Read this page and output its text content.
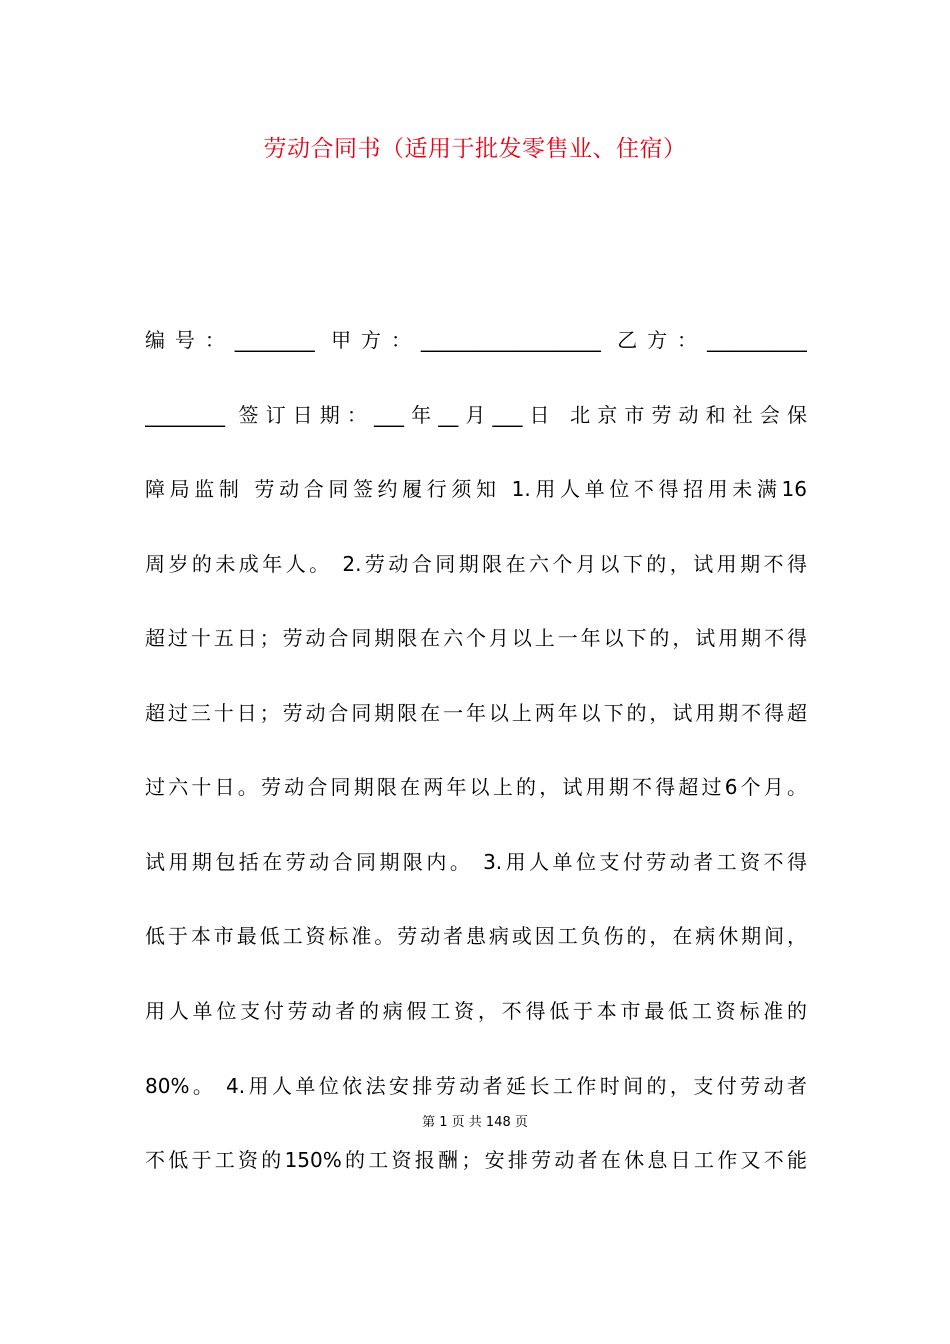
劳动合同书（适用于批发零售业、住宿）

编号：________ 甲方：__________________ 乙方：__________

________ 签订日期：___年__月___日 北京市劳动和社会保

障局监制 劳动合同签约履行须知 1.用人单位不得招用未满16

周岁的未成年人。 2.劳动合同期限在六个月以下的，试用期不得

超过十五日；劳动合同期限在六个月以上一年以下的，试用期不得

超过三十日；劳动合同期限在一年以上两年以下的，试用期不得超

过六十日。劳动合同期限在两年以上的，试用期不得超过6个月。

试用期包括在劳动合同期限内。 3.用人单位支付劳动者工资不得

低于本市最低工资标准。劳动者患病或因工负伤的，在病休期间，

用人单位支付劳动者的病假工资，不得低于本市最低工资标准的

80%。 4.用人单位依法安排劳动者延长工作时间的，支付劳动者

第 1 页 共 148 页

不低于工资的150%的工资报酬；安排劳动者在休息日工作又不能
